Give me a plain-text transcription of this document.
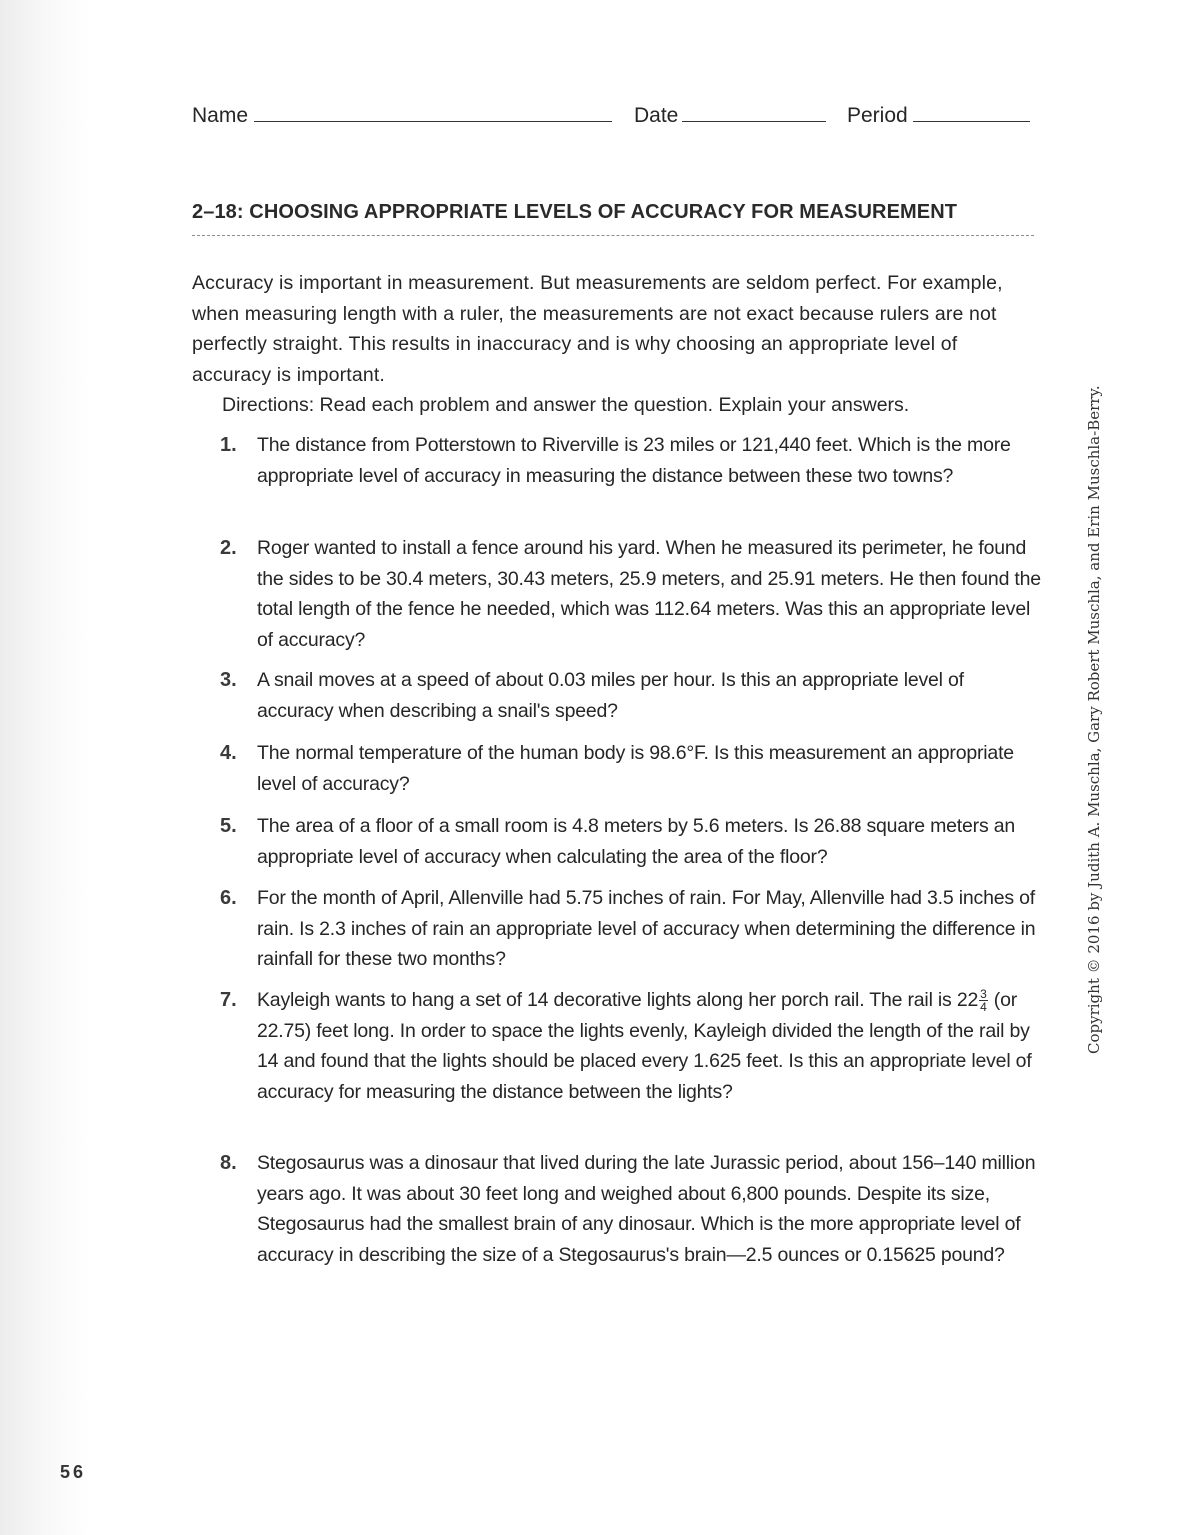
Name	Date	Period
2–18: CHOOSING APPROPRIATE LEVELS OF ACCURACY FOR MEASUREMENT
Accuracy is important in measurement. But measurements are seldom perfect. For example, when measuring length with a ruler, the measurements are not exact because rulers are not perfectly straight. This results in inaccuracy and is why choosing an appropriate level of accuracy is important.
Directions: Read each problem and answer the question. Explain your answers.
1.	The distance from Potterstown to Riverville is 23 miles or 121,440 feet. Which is the more appropriate level of accuracy in measuring the distance between these two towns?
2.	Roger wanted to install a fence around his yard. When he measured its perimeter, he found the sides to be 30.4 meters, 30.43 meters, 25.9 meters, and 25.91 meters. He then found the total length of the fence he needed, which was 112.64 meters. Was this an appropriate level of accuracy?
3.	A snail moves at a speed of about 0.03 miles per hour. Is this an appropriate level of accuracy when describing a snail's speed?
4.	The normal temperature of the human body is 98.6°F. Is this measurement an appropriate level of accuracy?
5.	The area of a floor of a small room is 4.8 meters by 5.6 meters. Is 26.88 square meters an appropriate level of accuracy when calculating the area of the floor?
6.	For the month of April, Allenville had 5.75 inches of rain. For May, Allenville had 3.5 inches of rain. Is 2.3 inches of rain an appropriate level of accuracy when determining the difference in rainfall for these two months?
7.	Kayleigh wants to hang a set of 14 decorative lights along her porch rail. The rail is $22 \frac{3}{4} (or$ 22.75) feet long. In order to space the lights evenly, Kayleigh divided the length of the rail by 14 and found that the lights should be placed every 1.625 feet. Is this an appropriate level of accuracy for measuring the distance between the lights?
8.	Stegosaurus was a dinosaur that lived during the late Jurassic period, about 156–140 million years ago. It was about 30 feet long and weighed about 6,800 pounds. Despite its size, Stegosaurus had the smallest brain of any dinosaur. Which is the more appropriate level of accuracy in describing the size of a Stegosaurus's brain—2.5 ounces or 0.15625 pound?
Copyright © 2016 by Judith A. Muschla, Gary Robert Muschla, and Erin Muschla-Berry.
56
